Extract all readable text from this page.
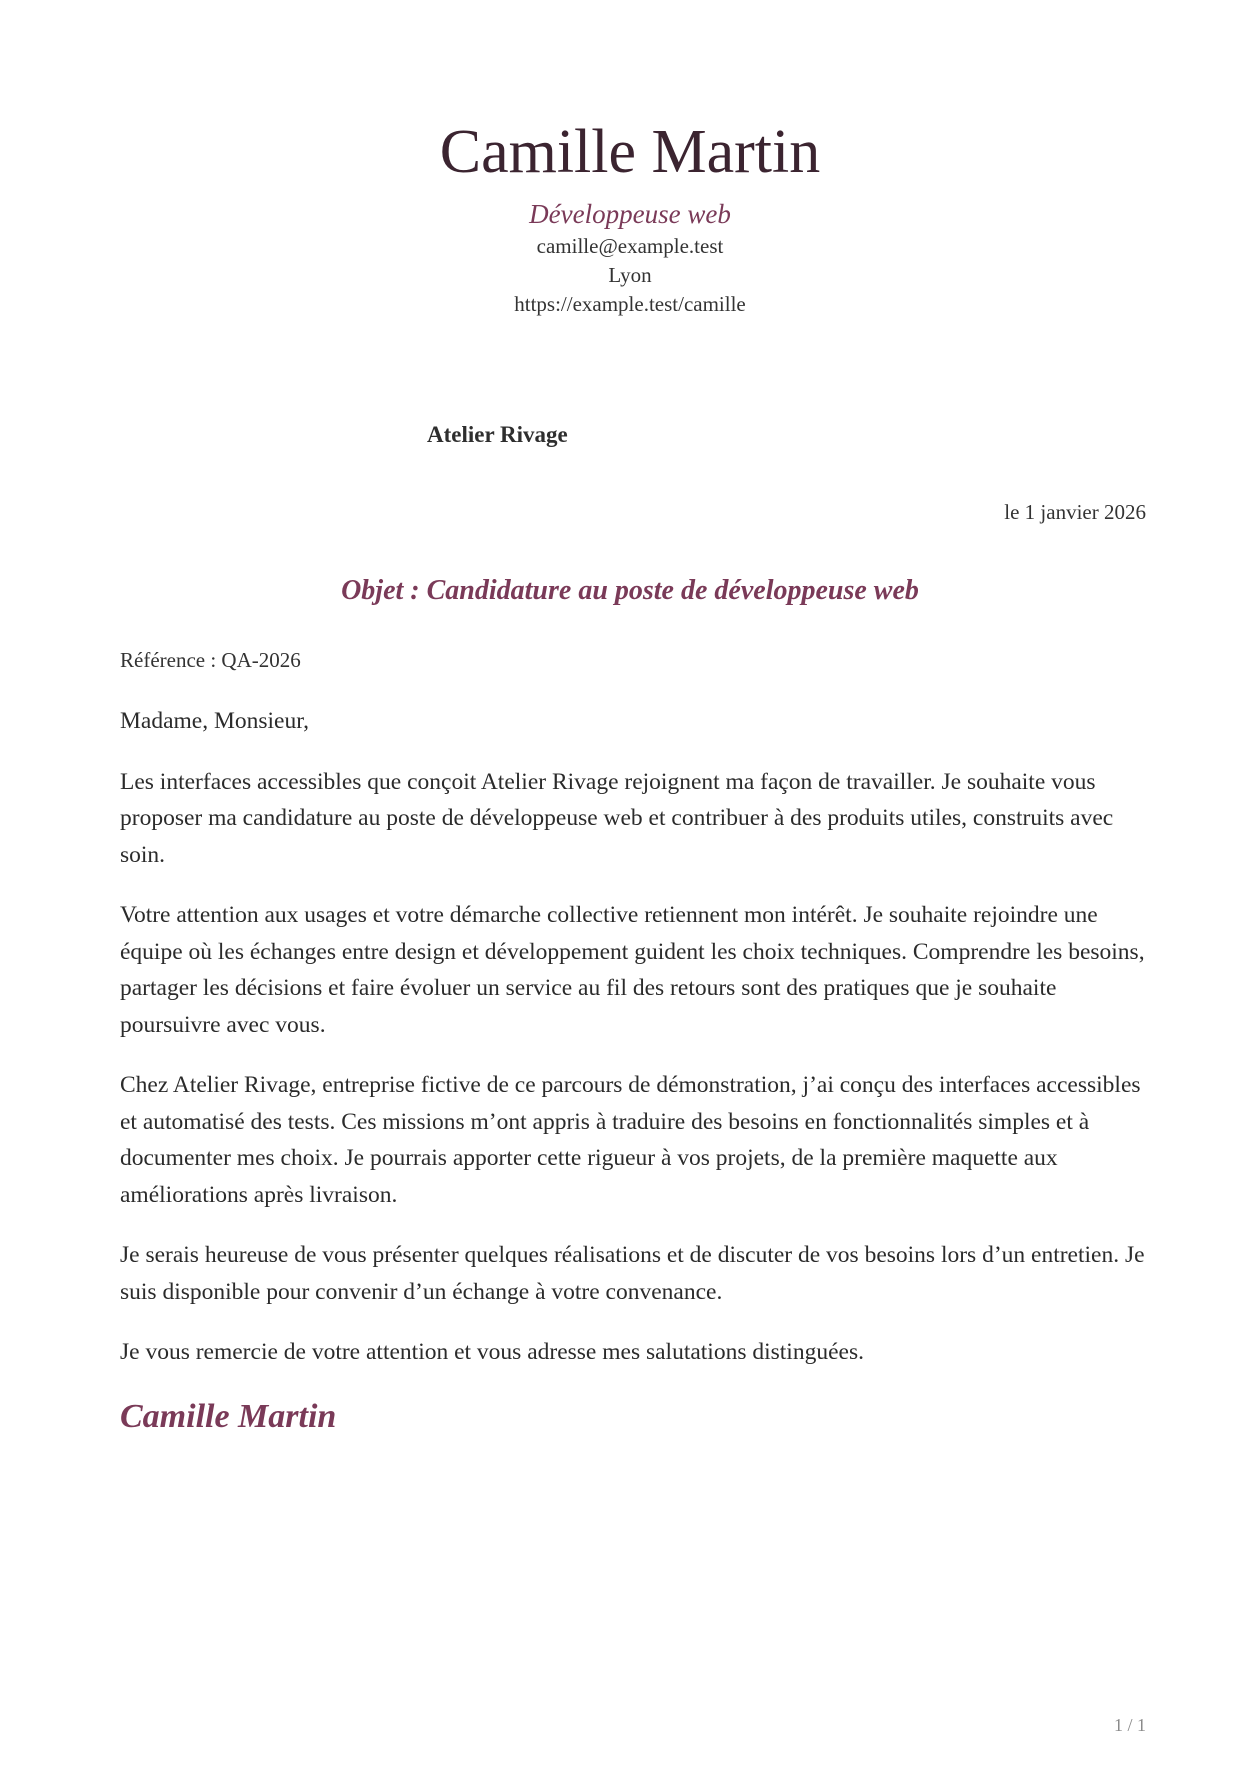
Camille Martin
Développeuse web
camille@example.test
Lyon
https://example.test/camille
Atelier Rivage
le 1 janvier 2026
Objet : Candidature au poste de développeuse web

Référence : QA-2026

Madame, Monsieur,

Les interfaces accessibles que conçoit Atelier Rivage rejoignent ma façon de travailler. Je souhaite vous proposer ma candidature au poste de développeuse web et contribuer à des produits utiles, construits avec soin.

Votre attention aux usages et votre démarche collective retiennent mon intérêt. Je souhaite rejoindre une équipe où les échanges entre design et développement guident les choix techniques. Comprendre les besoins, partager les décisions et faire évoluer un service au fil des retours sont des pratiques que je souhaite poursuivre avec vous.

Chez Atelier Rivage, entreprise fictive de ce parcours de démonstration, j’ai conçu des interfaces accessibles et automatisé des tests. Ces missions m’ont appris à traduire des besoins en fonctionnalités simples et à documenter mes choix. Je pourrais apporter cette rigueur à vos projets, de la première maquette aux améliorations après livraison.

Je serais heureuse de vous présenter quelques réalisations et de discuter de vos besoins lors d’un entretien. Je suis disponible pour convenir d’un échange à votre convenance.

Je vous remercie de votre attention et vous adresse mes salutations distinguées.

Camille Martin
1 / 1
